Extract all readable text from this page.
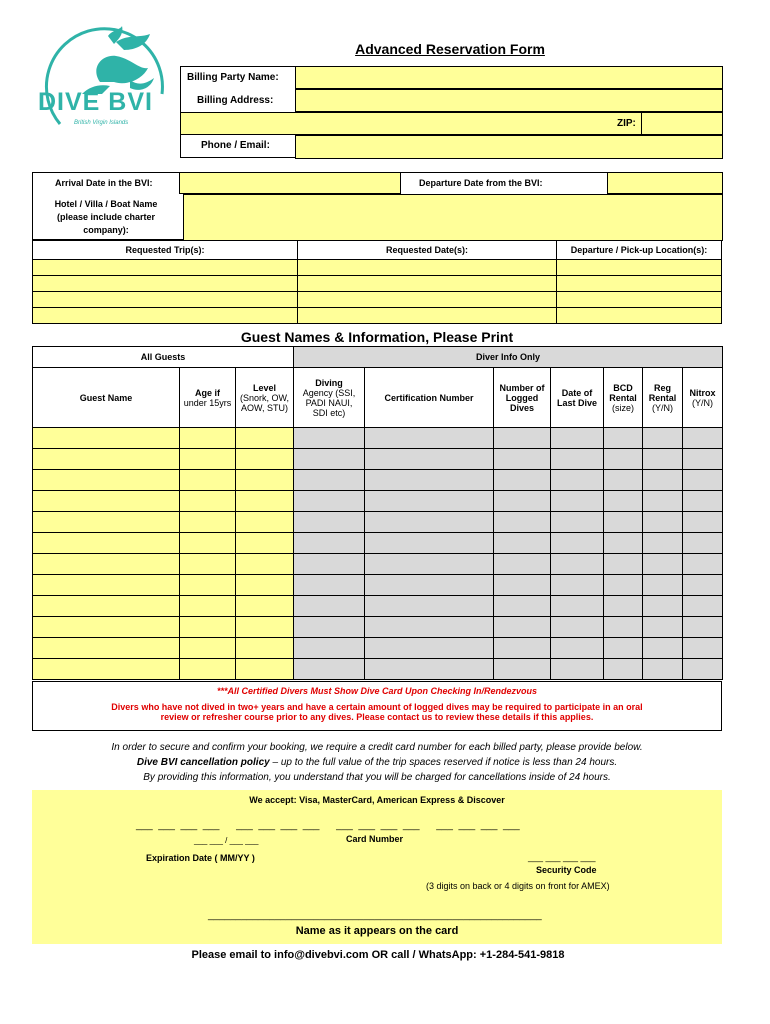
DIVE BVI
British Virgin Islands
Advanced Reservation Form
Billing Party Name:
Billing Address:
ZIP:
Phone / Email:
Arrival Date in the BVI:	Departure Date from the BVI:
Hotel / Villa / Boat Name (please include charter company):
Requested Trip(s):	Requested Date(s):	Departure / Pick-up Location(s):

Guest Names & Information, Please Print
All Guests			Diver Info Only						
Guest Name	Age if
under 15yrs	Level
(Snork, OW,
AOW, STU)	Diving
Agency (SSI,
PADI NAUI,
SDI etc)	Certification Number	Number of
Logged
Dives	Date of
Last Dive	BCD
Rental
(size)	Reg
Rental
(Y/N)	Nitrox
(Y/N)

***All Certified Divers Must Show Dive Card Upon Checking In/Rendezvous
Divers who have not dived in two+ years and have a certain amount of logged dives may be required to participate in an oral
review or refresher course prior to any dives. Please contact us to review these details if this applies.
In order to secure and confirm your booking, we require a credit card number for each billed party, please provide below.
Dive BVI cancellation policy – up to the full value of the trip spaces reserved if notice is less than 24 hours.
By providing this information, you understand that you will be charged for cancellations inside of 24 hours.
We accept: Visa, MasterCard, American Express & Discover
___  ___  ___  ___      ___  ___  ___  ___      ___  ___  ___  ___      ___  ___  ___  ___
Card Number
___ ___ / ___ ___
Expiration Date ( MM/YY )	___ ___ ___ ___
Security Code
(3 digits on back or 4 digits on front for AMEX)
____________________________________________________________
Name as it appears on the card
Please email to info@divebvi.com OR call / WhatsApp: +1-284-541-9818
